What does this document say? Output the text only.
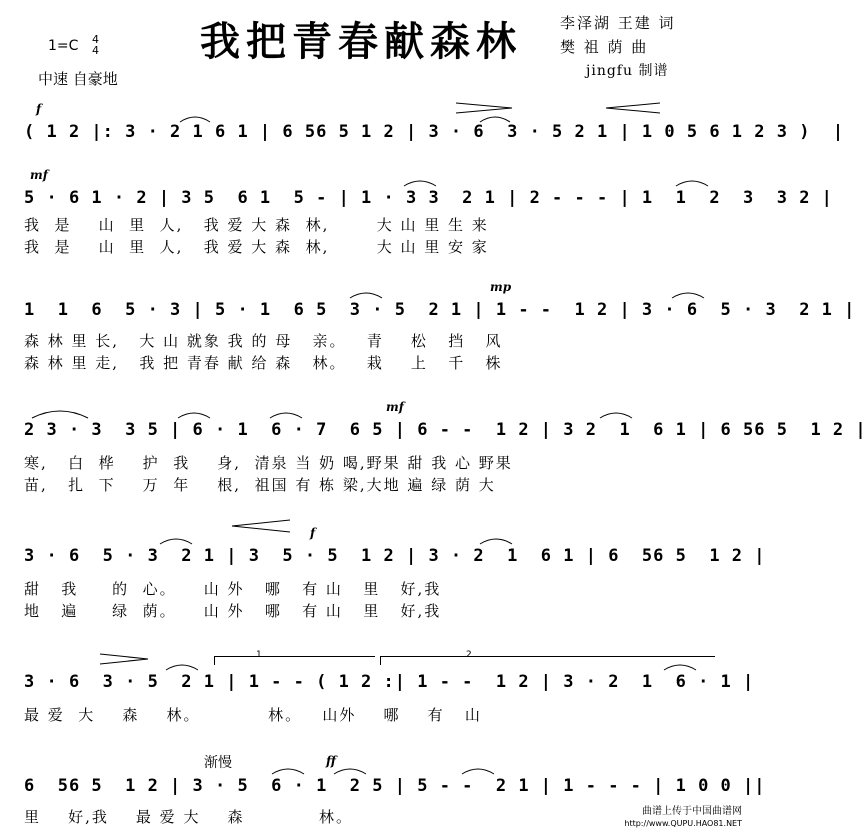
我把青春献森林
1=C 4
4
中速 自豪地
李泽湖 王建 词
樊 祖 荫 曲
jingfu 制谱
( 1 2 |: 3 · 2 1 6 1 | 6 56 5 1 2 | 3 · 6  3 · 5 2 1 | 1 0 5 6 1 2 3 )  |
5 · 6 1 · 2 | 3 5  6 1  5 - | 1 · 3 3  2 1 | 2 - - - | 1  1  2  3  3 2 |
我  是    山  里  人,   我 爱 大 森  林,       大 山 里 生 来
我  是    山  里  人,   我 爱 大 森  林,       大 山 里 安 家
1  1  6  5 · 3 | 5 · 1  6 5  3 · 5  2 1 | 1 - -  1 2 | 3 · 6  5 · 3  2 1 |
森 林 里 长,   大 山 就象 我 的 母   亲。   青    松   挡   风
森 林 里 走,   我 把 青春 献 给 森   林。   栽    上   千   株
2 3 · 3  3 5 | 6 · 1  6 · 7  6 5 | 6 - -  1 2 | 3 2  1  6 1 | 6 56 5  1 2 |
寒,   白  桦    护  我    身,  清泉 当 奶 喝,野果 甜 我 心 野果
苗,   扎  下    万  年    根,  祖国 有 栋 梁,大地 遍 绿 荫 大
3 · 6  5 · 3  2 1 | 3  5 · 5  1 2 | 3 · 2  1  6 1 | 6  56 5  1 2 |
甜   我     的  心。    山 外   哪   有 山   里   好,我
地   遍     绿  荫。    山 外   哪   有 山   里   好,我
3 · 6  3 · 5  2 1 | 1 - - ( 1 2 :| 1 - -  1 2 | 3 · 2  1  6 · 1 |
最 爱  大    森    林。          林。   山外    哪    有   山
6  56 5  1 2 | 3 · 5  6 · 1  2 5 | 5 - -  2 1 | 1 - - - | 1 0 0 ||
里    好,我    最 爱 大    森           林。
f
mf
mp
mf
f
ff
渐慢
1	2
曲谱上传于中国曲谱网
http://www.QUPU.HAO81.NET
